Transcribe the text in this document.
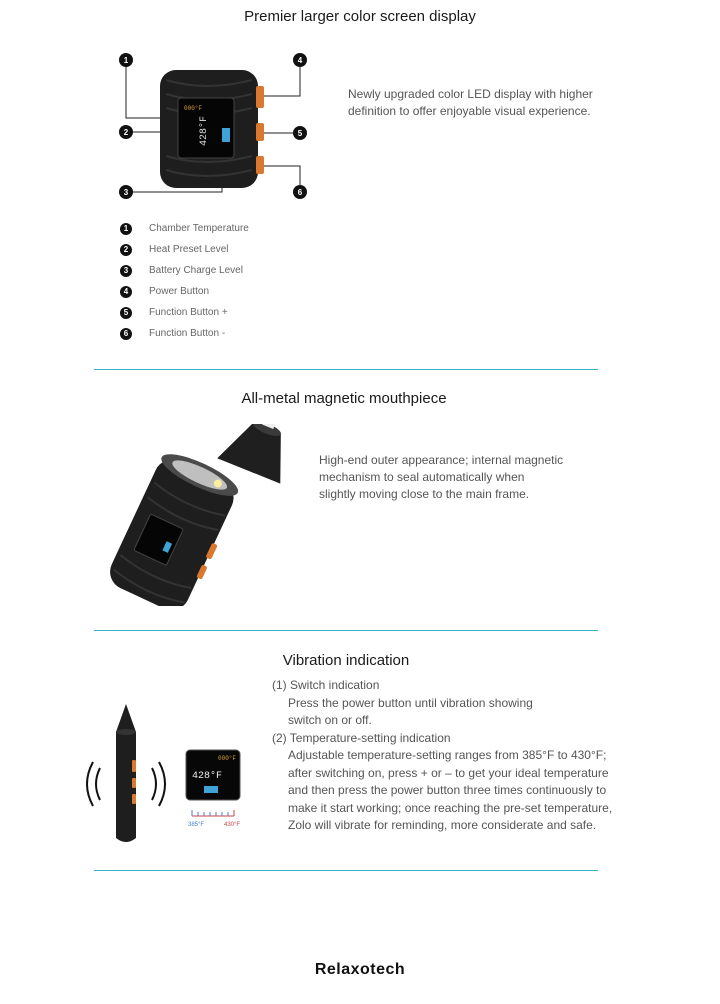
Premier larger color screen display
000°F
428°F
1
2
3
4
5
6
Newly upgraded color LED display with higher
definition to offer enjoyable visual experience.
1	Chamber Temperature
2	Heat Preset Level
3	Battery Charge Level
4	Power Button
5	Function Button +
6	Function Button -
All-metal magnetic mouthpiece
High-end outer appearance; internal magnetic
mechanism to seal automatically when
slightly moving close to the main frame.
Vibration indication
000°F
428°F
385°F	430°F
(1) Switch indication
Press the power button until vibration showing
switch on or off.
(2) Temperature-setting indication
Adjustable temperature-setting ranges from 385°F to 430°F;
after switching on, press + or – to get your ideal temperature
and then press the power button three times continuously to
make it start working; once reaching the pre-set temperature,
Zolo will vibrate for reminding, more considerate and safe.
Relaxotech
